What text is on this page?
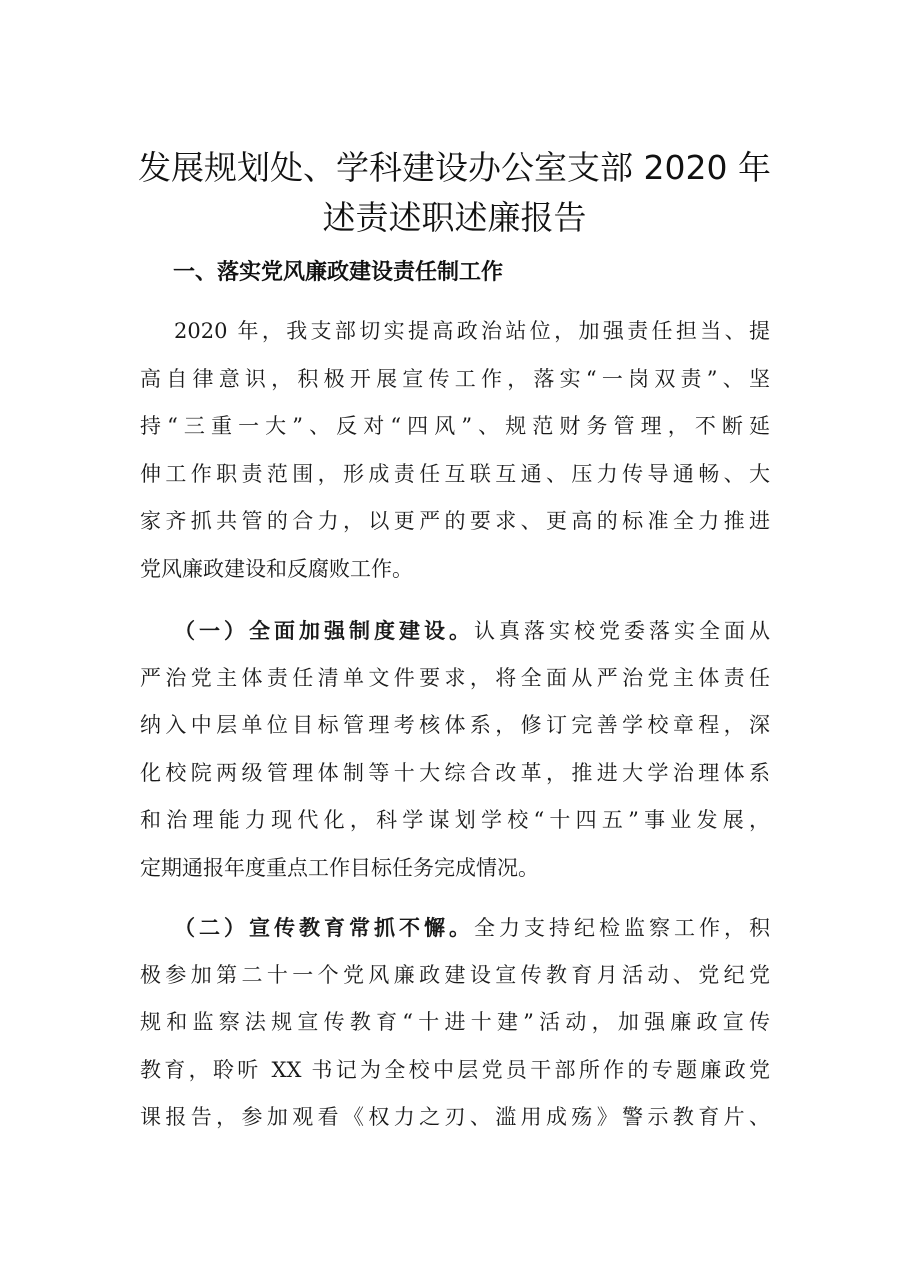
发展规划处、学科建设办公室支部 2020 年
述责述职述廉报告
一、落实党风廉政建设责任制工作
2020 年，我支部切实提高政治站位，加强责任担当、提
高自律意识，积极开展宣传工作，落实“一岗双责”、坚
持“三重一大”、反对“四风”、规范财务管理，不断延
伸工作职责范围，形成责任互联互通、压力传导通畅、大
家齐抓共管的合力，以更严的要求、更高的标准全力推进
党风廉政建设和反腐败工作。
（一）全面加强制度建设。认真落实校党委落实全面从
严治党主体责任清单文件要求，将全面从严治党主体责任
纳入中层单位目标管理考核体系，修订完善学校章程，深
化校院两级管理体制等十大综合改革，推进大学治理体系
和治理能力现代化，科学谋划学校“十四五”事业发展，
定期通报年度重点工作目标任务完成情况。
（二）宣传教育常抓不懈。全力支持纪检监察工作，积
极参加第二十一个党风廉政建设宣传教育月活动、党纪党
规和监察法规宣传教育“十进十建”活动，加强廉政宣传
教育，聆听 XX 书记为全校中层党员干部所作的专题廉政党
课报告，参加观看《权力之刃、滥用成殇》警示教育片、
